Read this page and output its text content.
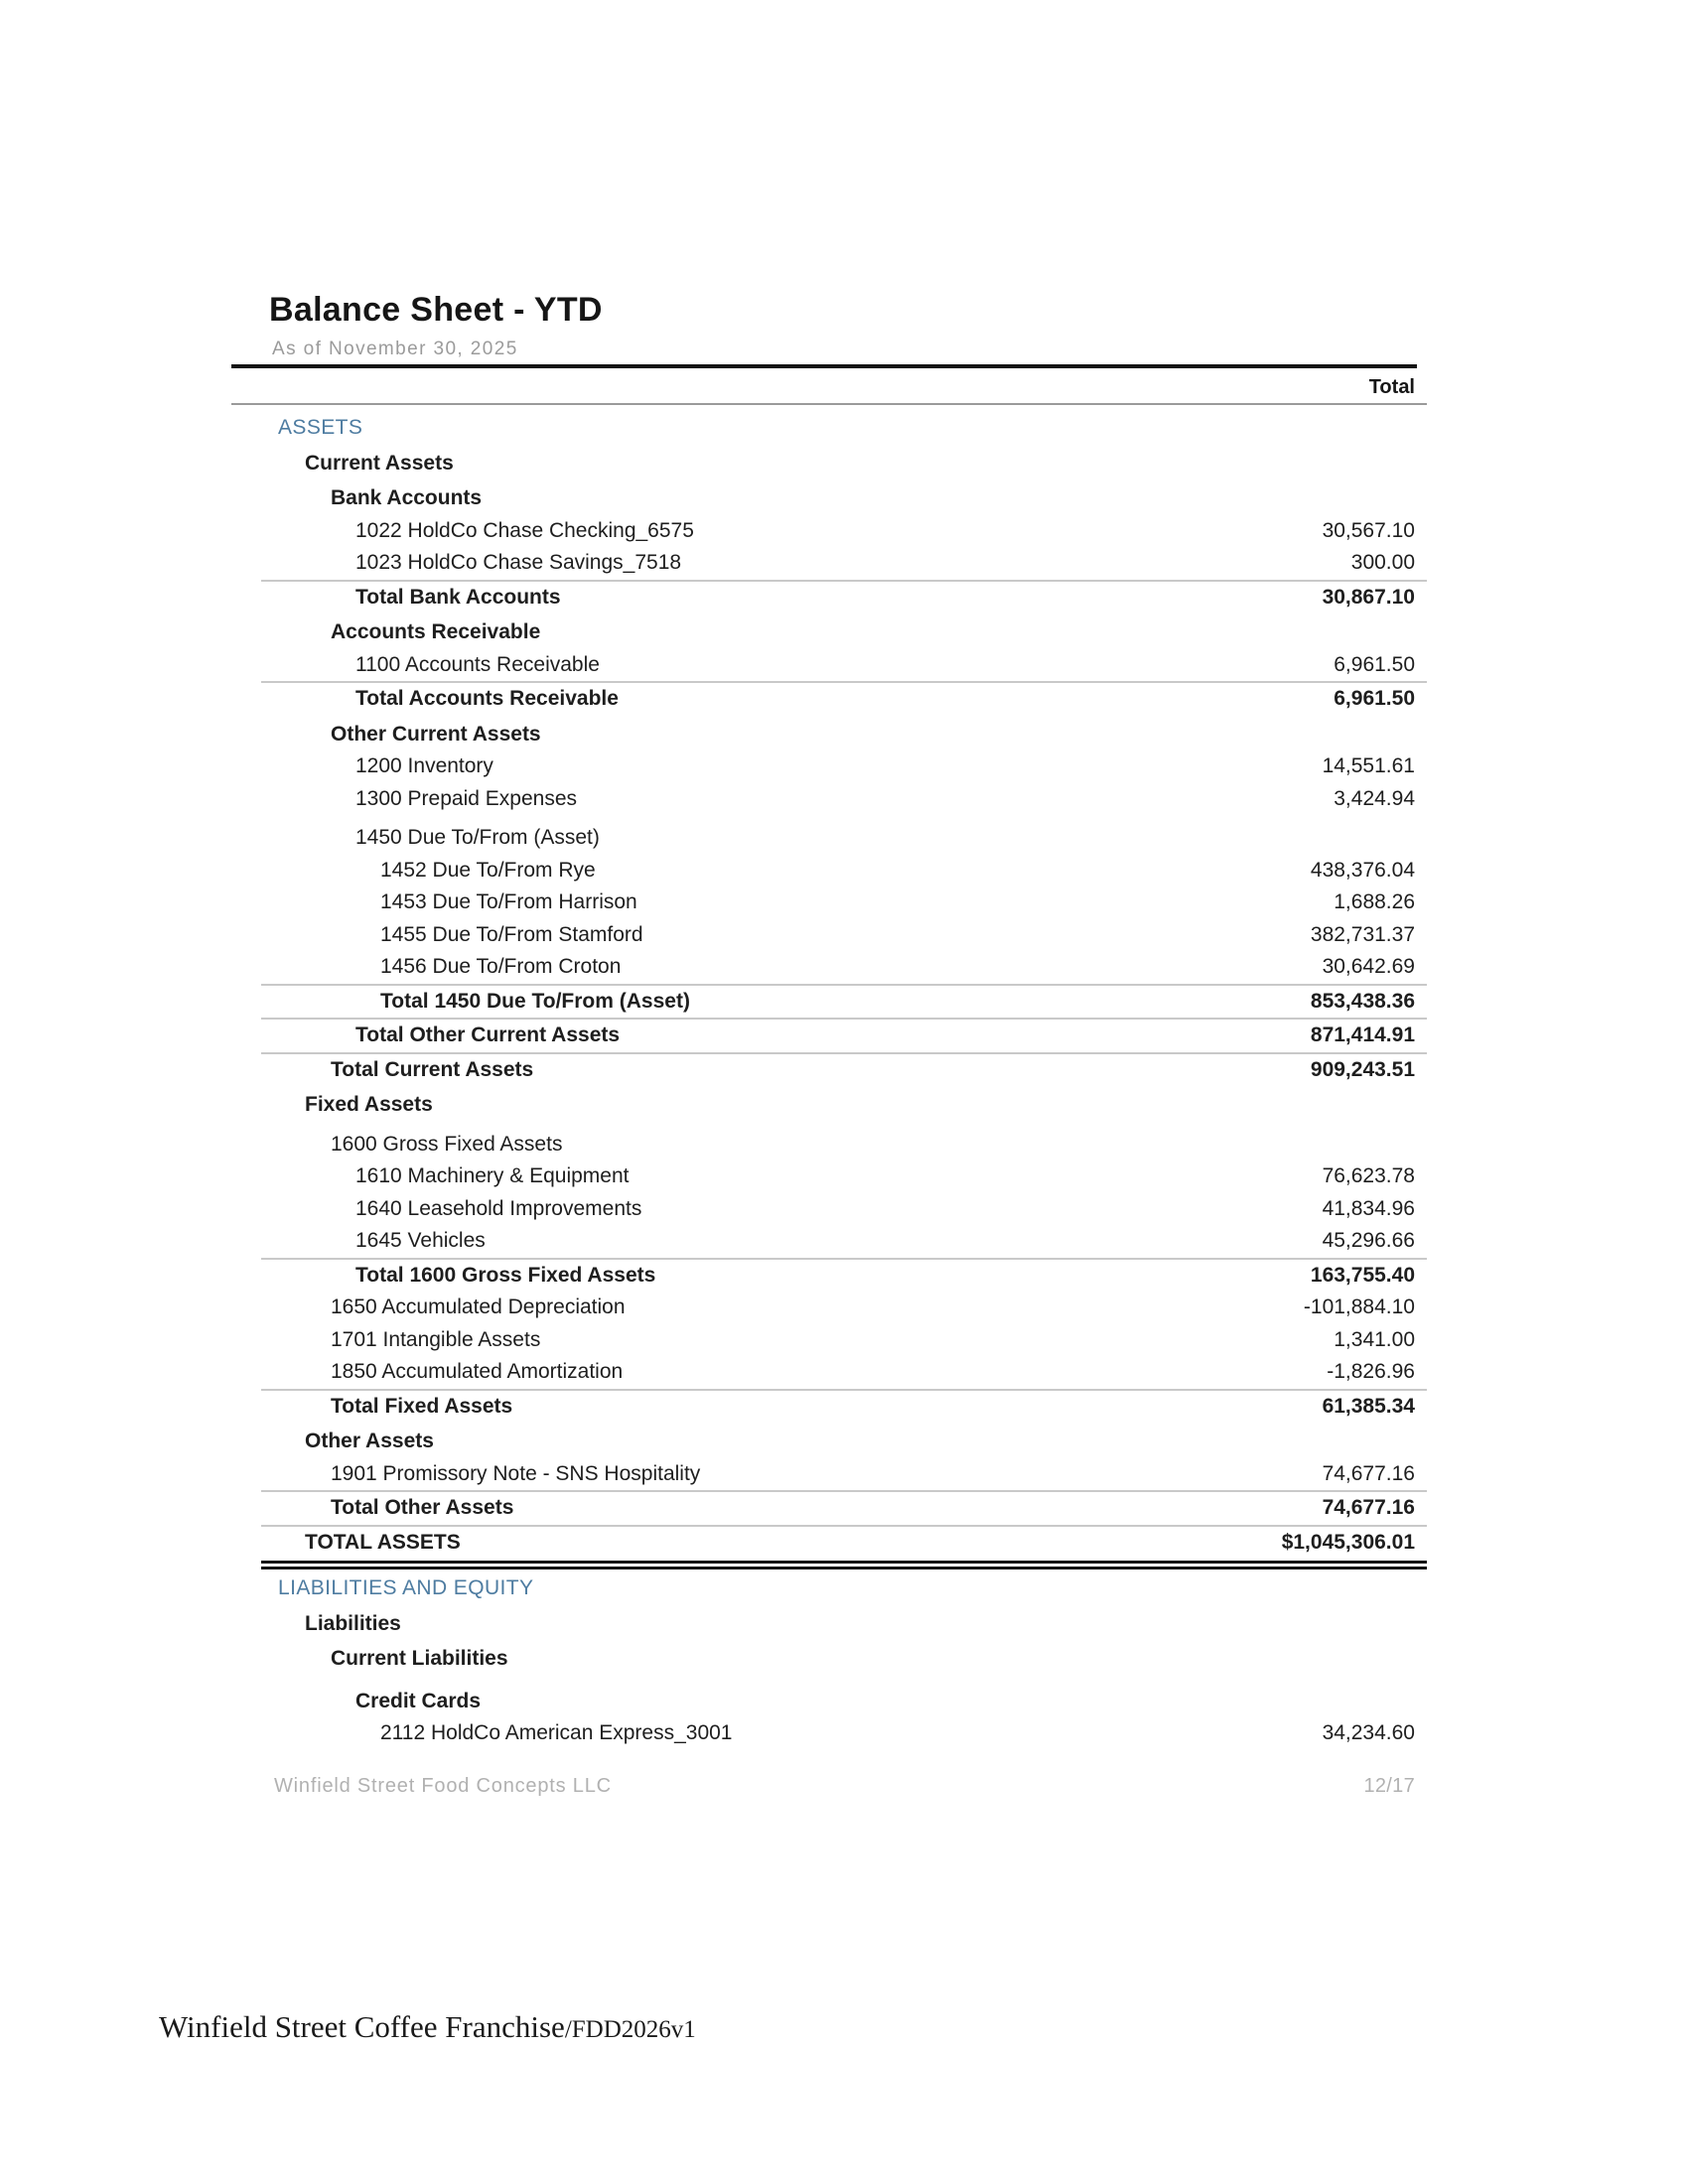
Balance Sheet - YTD
As of November 30, 2025
Total
ASSETS
Current Assets
Bank Accounts
1022 HoldCo Chase Checking_6575	30,567.10
1023 HoldCo Chase Savings_7518	300.00
Total Bank Accounts	30,867.10
Accounts Receivable
1100 Accounts Receivable	6,961.50
Total Accounts Receivable	6,961.50
Other Current Assets
1200 Inventory	14,551.61
1300 Prepaid Expenses	3,424.94
1450 Due To/From (Asset)
1452 Due To/From Rye	438,376.04
1453 Due To/From Harrison	1,688.26
1455 Due To/From Stamford	382,731.37
1456 Due To/From Croton	30,642.69
Total 1450 Due To/From (Asset)	853,438.36
Total Other Current Assets	871,414.91
Total Current Assets	909,243.51
Fixed Assets
1600 Gross Fixed Assets
1610 Machinery & Equipment	76,623.78
1640 Leasehold Improvements	41,834.96
1645 Vehicles	45,296.66
Total 1600 Gross Fixed Assets	163,755.40
1650 Accumulated Depreciation	-101,884.10
1701 Intangible Assets	1,341.00
1850 Accumulated Amortization	-1,826.96
Total Fixed Assets	61,385.34
Other Assets
1901 Promissory Note - SNS Hospitality	74,677.16
Total Other Assets	74,677.16
TOTAL ASSETS	$1,045,306.01
LIABILITIES AND EQUITY
Liabilities
Current Liabilities
Credit Cards
2112 HoldCo American Express_3001	34,234.60
Winfield Street Food Concepts LLC	12/17
Winfield Street Coffee Franchise/FDD2026v1
